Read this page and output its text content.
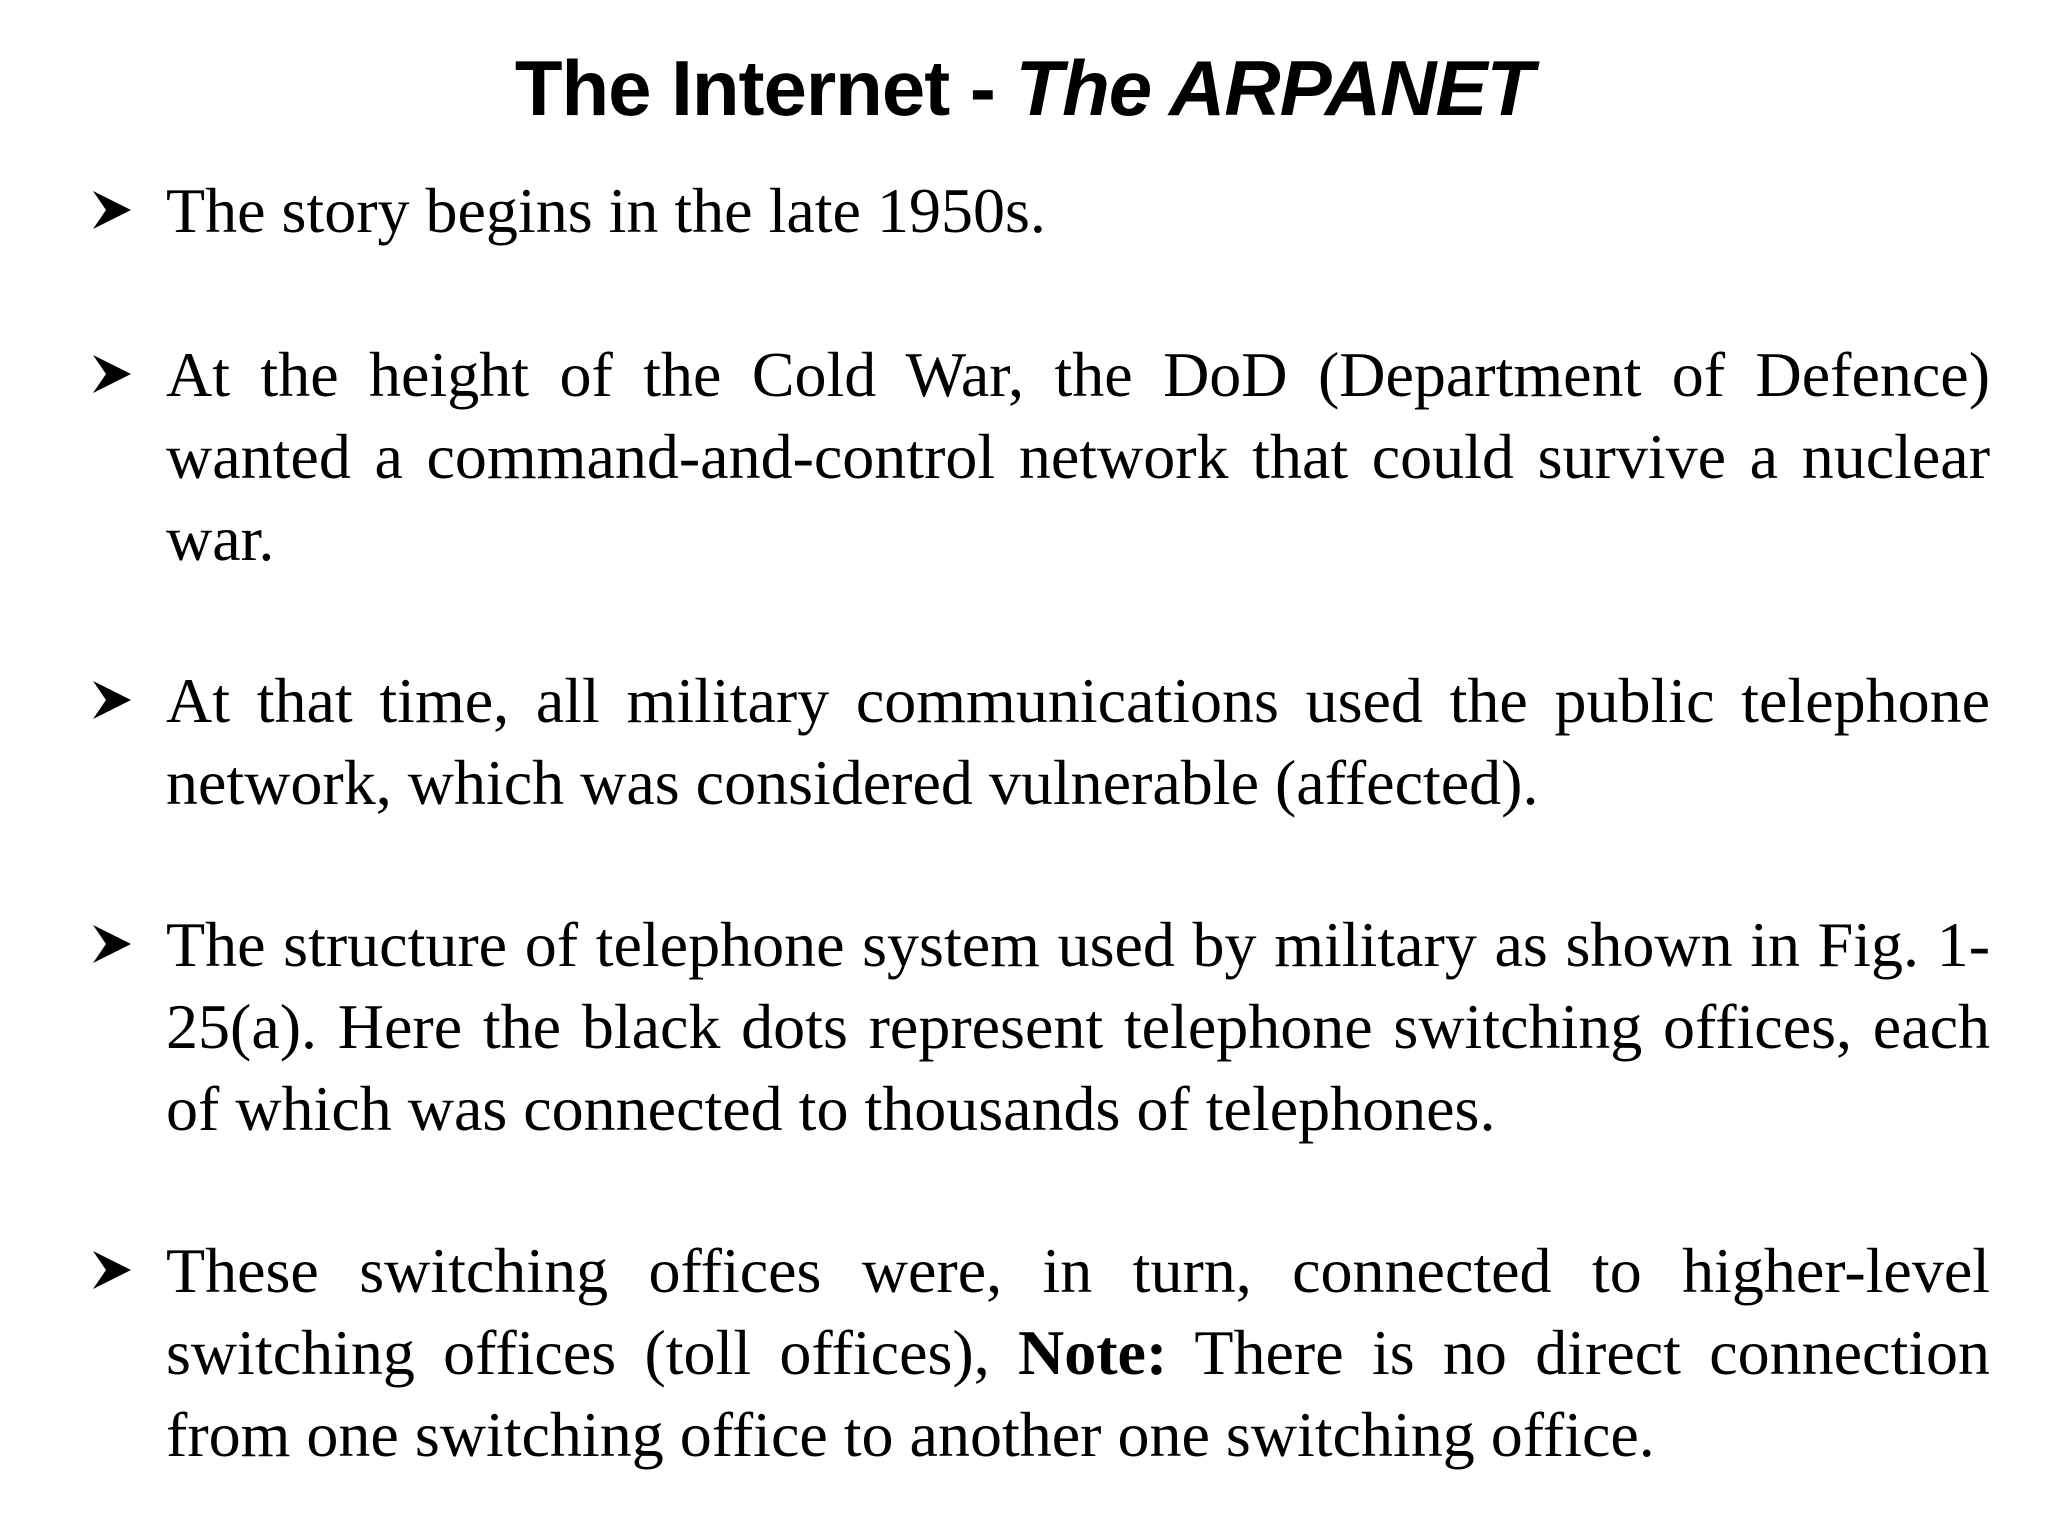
The Internet - The ARPANET
The story begins in the late 1950s.
At the height of the Cold War, the DoD (Department of Defence) wanted a command-and-control network that could survive a nuclear war.
At that time, all military communications used the public telephone network, which was considered vulnerable (affected).
The structure of telephone system used by military as shown in Fig. 1-25(a). Here the black dots represent telephone switching offices, each of which was connected to thousands of telephones.
These switching offices were, in turn, connected to higher-level switching offices (toll offices), Note: There is no direct connection from one switching office to another one switching office.
